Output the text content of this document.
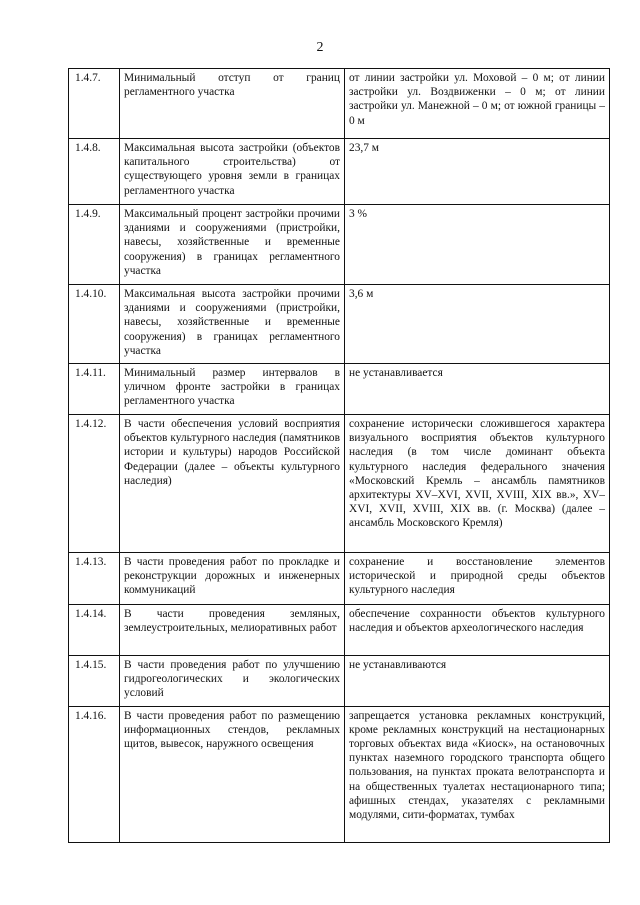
2
1.4.7.	Минимальный отступ от границ регламентного участка	от линии застройки ул. Моховой – 0 м; от линии застройки ул. Воздвиженки – 0 м; от линии застройки ул. Манежной – 0 м; от южной границы – 0 м
1.4.8.	Максимальная высота застройки (объектов капитального строительства) от существующего уровня земли в границах регламентного участка	23,7 м
1.4.9.	Максимальный процент застройки прочими зданиями и сооружениями (пристройки, навесы, хозяйственные и временные сооружения) в границах регламентного участка	3 %
1.4.10.	Максимальная высота застройки прочими зданиями и сооружениями (пристройки, навесы, хозяйственные и временные сооружения) в границах регламентного участка	3,6 м
1.4.11.	Минимальный размер интервалов в уличном фронте застройки в границах регламентного участка	не устанавливается
1.4.12.	В части обеспечения условий восприятия объектов культурного наследия (памятников истории и культуры) народов Российской Федерации (далее – объекты культурного наследия)	сохранение исторически сложившегося характера визуального восприятия объектов культурного наследия (в том числе доминант объекта культурного наследия федерального значения «Московский Кремль – ансамбль памятников архитектуры XV–XVI, XVII, XVIII, XIX вв.», XV–XVI, XVII, XVIII, XIX вв. (г. Москва) (далее – ансамбль Московского Кремля)
1.4.13.	В части проведения работ по прокладке и реконструкции дорожных и инженерных коммуникаций	сохранение и восстановление элементов исторической и природной среды объектов культурного наследия
1.4.14.	В части проведения земляных, землеустроительных, мелиоративных работ	обеспечение сохранности объектов культурного наследия и объектов археологического наследия
1.4.15.	В части проведения работ по улучшению гидрогеологических и экологических условий	не устанавливаются
1.4.16.	В части проведения работ по размещению информационных стендов, рекламных щитов, вывесок, наружного освещения	запрещается установка рекламных конструкций, кроме рекламных конструкций на нестационарных торговых объектах вида «Киоск», на остановочных пунктах наземного городского транспорта общего пользования, на пунктах проката велотранспорта и на общественных туалетах нестационарного типа; афишных стендах, указателях с рекламными модулями, сити-форматах, тумбах
